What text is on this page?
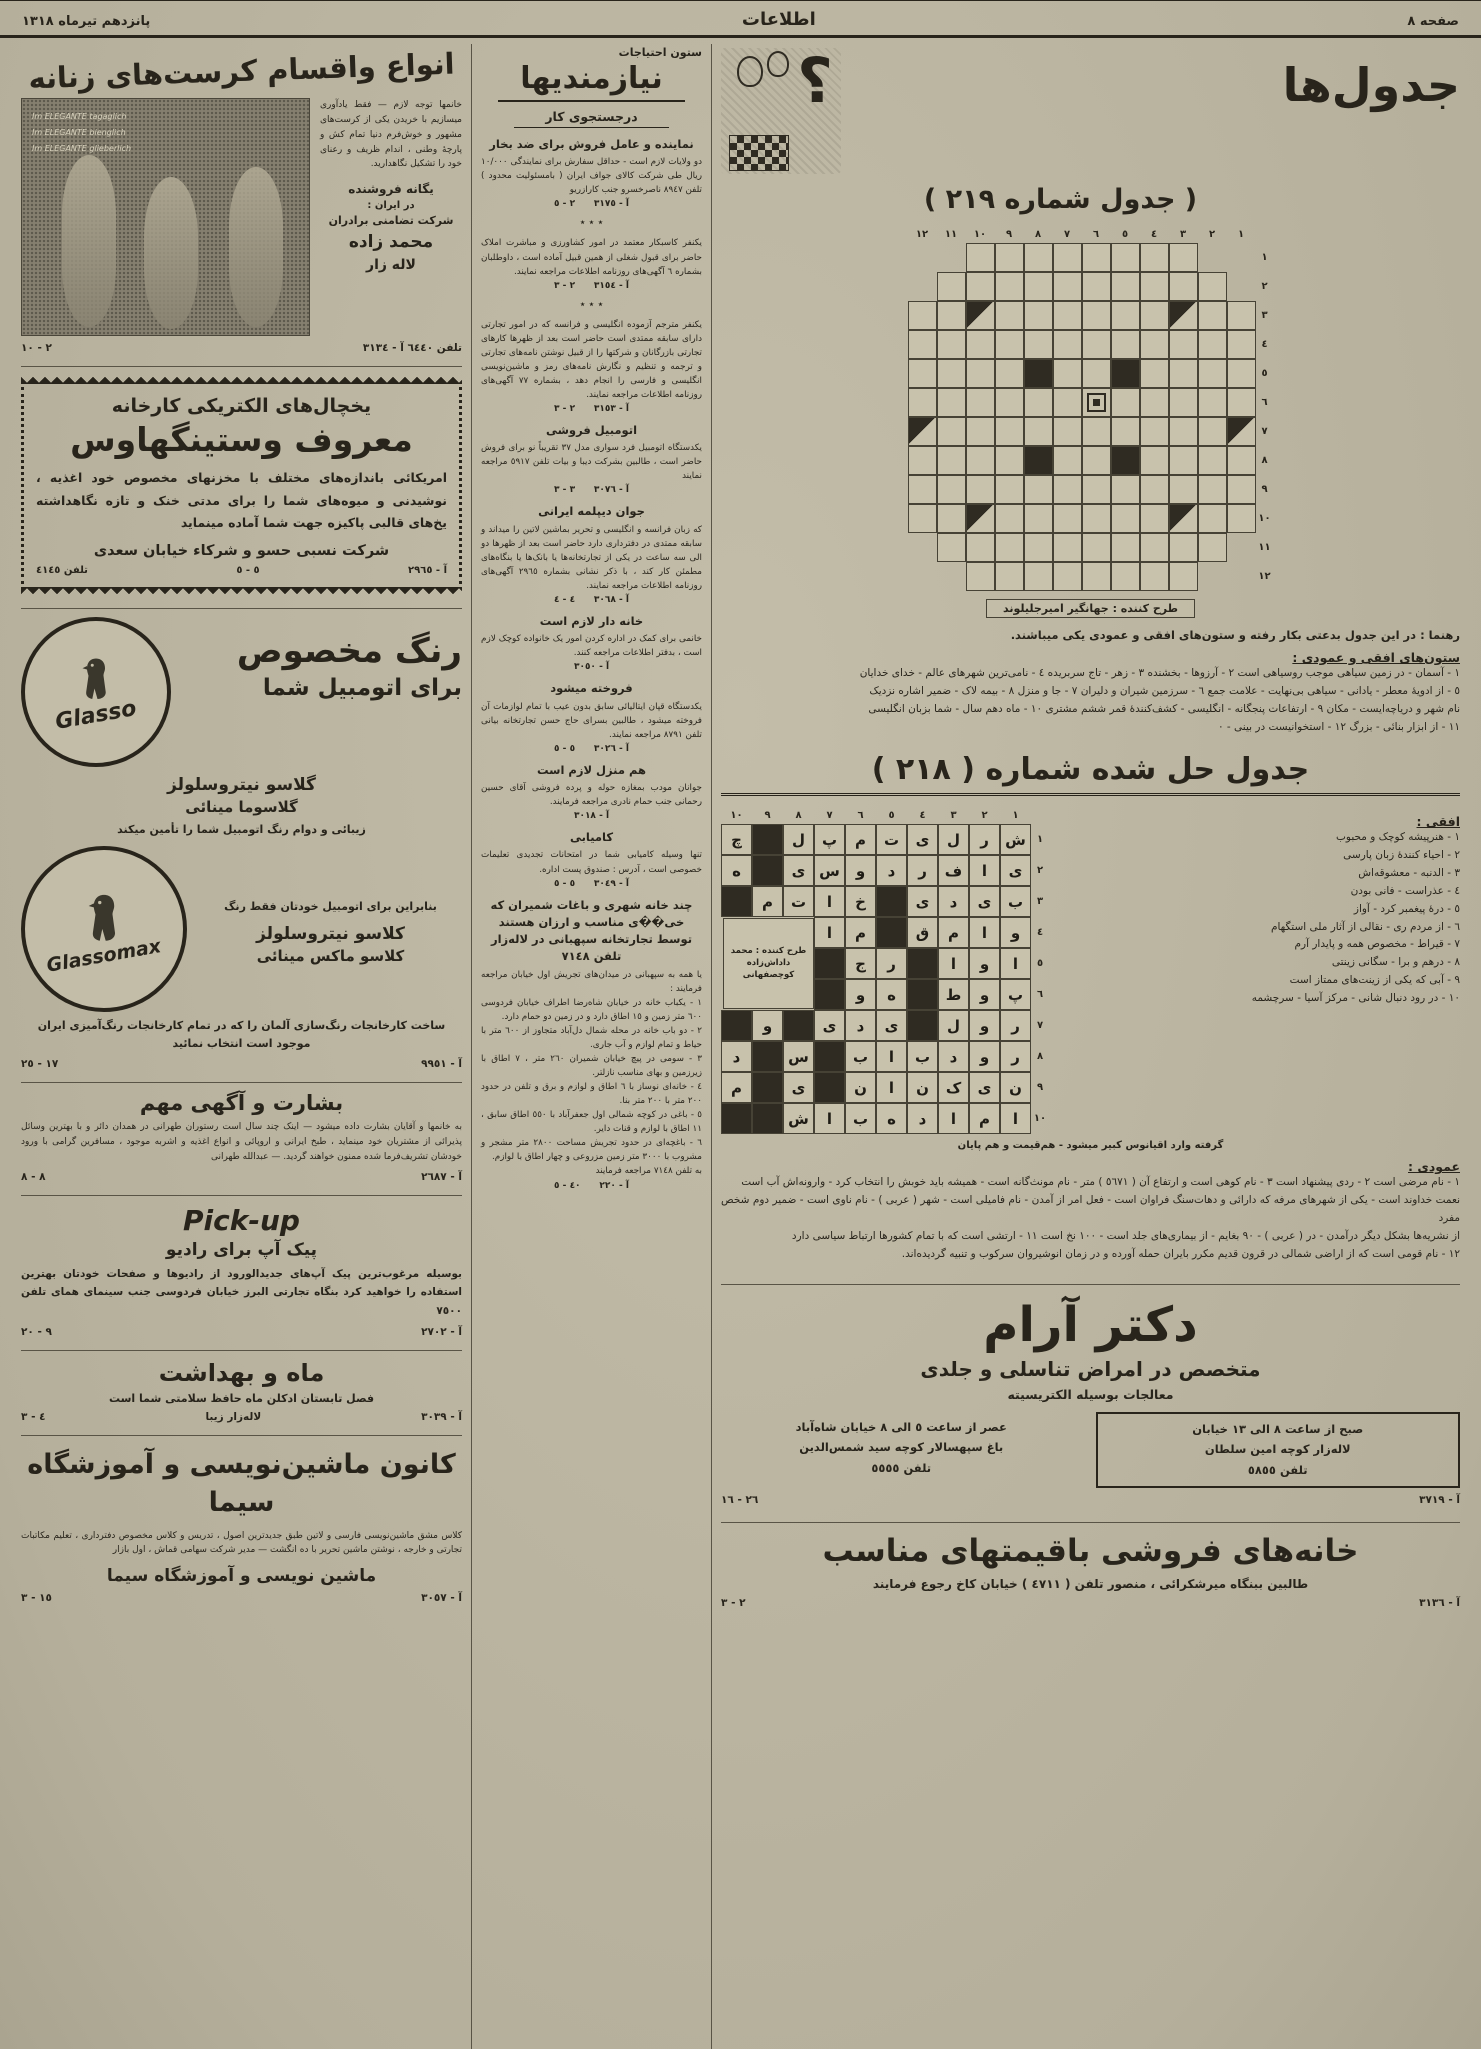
صفحه ۸
اطلاعات
پانزدهم تیرماه ۱۳۱۸
جدول‌ها
؟
( جدول شماره ۲۱۹ )
۱
۲
۳
٤
٥
٦
۷
۸
۹
۱۰
۱۱
۱۲
۱
۲
۳
٤
٥
٦
۷
۸
۹
۱۰
۱۱
۱۲
طرح کننده : جهانگیر امیرجلیلوند
رهنما : در این جدول بدعتی بکار رفته و ستون‌های افقی و عمودی یکی میباشند.
ستون‌های افقی و عمودی :
۱ - آسمان - در زمین سیاهی موجب روسیاهی است ۲ - آرزوها - بخشنده ۳ - زهر - تاج سربریده ٤ - نامی‌ترین شهرهای عالم - خدای خدایان
٥ - از ادویهٔ معطر - یادانی - سیاهی بی‌نهایت - علامت جمع ٦ - سرزمین شیران و دلیران ۷ - جا و منزل ۸ - بیمه لاک - ضمیر اشاره نزدیک
نام شهر و دریاچه‌ایست - مکان ۹ - ارتفاعات پنجگانه - انگلیسی - کشف‌کنندهٔ قمر ششم مشتری ۱۰ - ماه دهم سال - شما بزبان انگلیسی
۱۱ - از ابزار بنائی - بزرگ ۱۲ - استخوانیست در بینی - ۰
جدول حل شده شماره ( ۲۱۸ )
افقی :
۱ - هنرپیشه کوچک و محبوب
۲ - احیاء کنندهٔ زبان پارسی
۳ - الدنبه - معشوقه‌اش
٤ - عذراست - فانی بودن
٥ - درهٔ پیغمبر کرد - آواز
٦ - از مردم ری - نقالی از آثار ملی استگهام
۷ - قیراط - مخصوص همه و پایدار آرم
۸ - درهم و برا - سگانی زینتی
۹ - آبی که یکی از زینت‌های ممتاز است
۱۰ - در رود دنبال شانی - مرکز آسیا - سرچشمه
۱
۲
۳
٤
٥
٦
۷
۸
۹
۱۰
۱
ش
ر
ل
ی
ت
م
پ
ل
چ
۲
ی
ا
ف
ر
د
و
س
ی
ه
۳
ب
ی
د
ی
خ
ا
ت
م
٤
و
ا
م
ق
م
ا
٥
ا
و
ا
ر
ج
٦
پ
و
ط
ه
و
۷
ر
و
ل
ی
د
ی
و
۸
ر
و
د
ب
ا
ب
س
د
۹
ن
ی
ک
ن
ا
ن
ی
م
۱۰
ا
م
ا
د
ه
ب
ا
ش
طرح کننده : محمد داداش‌زاده کوچصفهانی
گرفته وارد اقیانوس کبیر میشود - هم‌قیمت و هم پایان
عمودی :
۱ - نام مرضی است ۲ - ردی پیشنهاد است ۳ - نام کوهی است و ارتفاع آن ( ٥٦۷۱ ) متر - نام مونث‌گانه است - همیشه باید خوبش را انتخاب کرد - وارونه‌اش آب است
نعمت خداوند است - یکی از شهرهای مرفه که دارائی و دهات‌سنگ فراوان است - فعل امر از آمدن - نام فامیلی است - شهر ( عربی ) - نام ناوی است - ضمیر دوم شخص مفرد
از نشریه‌ها بشکل دیگر درآمدن - در ( عربی ) - ۹۰ بغایم - از بیماری‌های جلد است - ۱۰۰ نخ است ۱۱ - ارتشی است که با تمام کشورها ارتباط سیاسی دارد
۱۲ - نام قومی است که از اراضی شمالی در قرون قدیم مکرر بایران حمله آورده و در زمان انوشیروان سرکوب و تنبیه گردیده‌اند.
دکتر آرام
متخصص در امراض تناسلی و جلدی
معالجات بوسیله الکتریسیته
صبح از ساعت ۸ الی ۱۳ خیابان
لاله‌زار کوچه امین سلطان
تلفن ٥۸٥٥
عصر از ساعت ٥ الی ۸ خیابان شاه‌آباد
باغ سپهسالار کوچه سید شمس‌الدین
تلفن ٥٥٥٥
آ - ۳۷۱۹
۲٦ - ۱٦
خانه‌های فروشی باقیمتهای مناسب
طالبین ببنگاه میرشکرائی ، منصور تلفن ( ٤۷۱۱ ) خیابان کاخ رجوع فرمایند
آ - ۳۱۳٦
۲ - ۳
ستون احتیاجات
نیازمندیها
درجستجوی کار
نماینده و عامل فروش برای ضد بخار
دو ولایات لازم است - حداقل سفارش برای نمایندگی ۱۰/۰۰۰ ریال طی شرکت کالای جواف ایران ( بامسئولیت محدود ) تلفن ۸۹٤۷ ناصرخسرو جنب کارازریو
آ - ۳۱۷٥      ۲ - ٥
٭ ٭ ٭
یکنفر کاسبکار معتمد در امور کشاورزی و مباشرت املاک حاضر برای قبول شغلی از همین قبیل آماده است ، داوطلبان بشماره ٦ آگهی‌های روزنامه اطلاعات مراجعه نمایند.
آ - ۳۱٥٤      ۲ - ۳
٭ ٭ ٭
یکنفر مترجم آزموده انگلیسی و فرانسه که در امور تجارتی دارای سابقه ممتدی است حاضر است بعد از ظهرها کارهای تجارتی بازرگانان و شرکتها را از قبیل نوشتن نامه‌های تجارتی و ترجمه و تنظیم و نگارش نامه‌های رمز و ماشین‌نویسی انگلیسی و فارسی را انجام دهد ، بشماره ۷۷ آگهی‌های روزنامه اطلاعات مراجعه نمایند.
آ - ۳۱٥۳      ۲ - ۳
اتومبیل فروشی
یکدستگاه اتومبیل فرد سواری مدل ۳۷ تقریباً نو برای فروش حاضر است ، طالبین بشرکت دیبا و بیات تلفن ٥۹۱۷ مراجعه نمایند
آ - ۳۰۷٦      ۳ - ۳
جوان دیپلمه ایرانی
که زبان فرانسه و انگلیسی و تحریر بماشین لاتین را میداند و سابقه ممتدی در دفترداری دارد حاضر است بعد از ظهرها دو الی سه ساعت در یکی از تجارتخانه‌ها یا بانک‌ها یا بنگاه‌های مطمئن کار کند ، با ذکر نشانی بشماره ۲۹٦٥ آگهی‌های روزنامه اطلاعات مراجعه نمایند.
آ - ۳۰٦۸      ٤ - ٤
خانه دار لازم است
خانمی برای کمک در اداره کردن امور یک خانواده کوچک لازم است ، بدفتر اطلاعات مراجعه کنند.
آ - ۳۰٥۰
فروخته میشود
یکدستگاه قپان ایتالیائی سابق بدون عیب با تمام لوازمات آن فروخته میشود ، طالبین بسرای حاج حسن تجارتخانه بیانی تلفن ۸۷۹۱ مراجعه نمایند.
آ - ۳۰۲٦      ٥ - ٥
هم منزل لازم است
جوانان مودب بمغازه حوله و پرده فروشی آقای حسین رحمانی جنب حمام نادری مراجعه فرمایند.
آ - ۳۰۱۸
کامیابی
تنها وسیله کامیابی شما در امتحانات تجدیدی تعلیمات خصوصی است ، آدرس : صندوق پست اداره.
آ - ۳۰٤۹      ٥ - ٥
چند خانه شهری و باغات شمیران که خی��ی مناسب و ارزان هستند توسط تجارتخانه سپهبانی در لاله‌زار تلفن ۷۱٤۸
یا همه به سپهبانی در میدان‌های تجریش اول خیابان مراجعه فرمایند :
۱ - یکباب خانه در خیابان شاه‌رضا اطراف خیابان فردوسی ٦۰۰ متر زمین و ۱٥ اطاق دارد و در زمین دو حمام دارد.
۲ - دو باب خانه در محله شمال دل‌آباد متجاوز از ٦۰۰ متر با حیاط و تمام لوازم و آب جاری.
۳ - سومی در پیچ خیابان شمیران ۲٦۰ متر ، ۷ اطاق با زیرزمین و بهای مناسب نازلتر.
٤ - خانه‌ای نوساز با ٦ اطاق و لوازم و برق و تلفن در حدود ۲۰۰ متر با ۲۰۰ متر بنا.
٥ - باغی در کوچه شمالی اول جعفرآباد با ٥٥۰ اطاق سابق ، ۱۱ اطاق با لوازم و قنات دایر.
٦ - باغچه‌ای در حدود تجریش مساحت ۲۸۰۰ متر مشجر و مشروب با ۳۰۰۰ متر زمین مزروعی و چهار اطاق با لوازم.
به تلفن ۷۱٤۸ مراجعه فرمایند
آ - ۲۲۰      ٤۰ - ٥
انواع واقسام کرست‌های زنانه
خانمها توجه لازم — فقط یادآوری میسازیم با خریدن یکی از کرست‌های مشهور و خوش‌فرم دنیا تمام کش و پارچهٔ وطنی ، اندام ظریف و رعنای خود را تشکیل نگاهدارید.
یگانه فروشنده
در ایران :
شرکت تضامنی برادران
محمد زاده
لاله زار
Im ELEGANTE tagaglich
Im ELEGANTE bienglich
Im ELEGANTE glieberlich
تلفن ٦٤٤۰ آ - ۳۱۳٤
۲ - ۱۰
یخچال‌های الکتریکی کارخانه
معروف وستینگهاوس
امریکائی باندازه‌های مختلف با مخزنهای مخصوص خود اغذیه ، نوشیدنی و میوه‌های شما را برای مدتی خنک و تازه نگاهداشته یخ‌های قالبی پاکیزه جهت شما آماده مینماید
شرکت نسبی حسو و شرکاء خیابان سعدی
آ - ۲۹٦٥
٥ - ٥
تلفن ٤۱٤٥
رنگ مخصوص
برای اتومبیل شما
Glasso
گلاسو نیتروسلولز
گلاسوما مینائی
زیبائی و دوام رنگ اتومبیل شما را تأمین میکند
بنابراین برای اتومبیل خودتان فقط رنگ
کلاسو نیتروسلولز
کلاسو ماکس مینائی
Glassomax
ساخت کارخانجات رنگ‌سازی آلمان را که در تمام کارخانجات رنگ‌آمیزی ایران موجود است انتخاب نمائید
آ - ۹۹٥۱
۱۷ - ۲٥
بشارت و آگهی مهم
به خانمها و آقایان بشارت داده میشود — اینک چند سال است رستوران طهرانی در همدان دائر و با بهترین وسائل پذیرائی از مشتریان خود مینماید ، طبخ ایرانی و اروپائی و انواع اغذیه و اشربه موجود ، مسافرین گرامی با ورود خودشان تشریف‌فرما شده ممنون خواهند گردید. — عبدالله طهرانی
آ - ۲٦۸۷
۸ - ۸
Pick-up
پیک آپ برای رادیو
بوسیله مرغوب‌ترین پیک آپ‌های جدیدالورود از رادیوها و صفحات خودتان بهترین استفاده را خواهید کرد بنگاه تجارتی البرز خیابان فردوسی جنب سینمای همای تلفن ۷٥۰۰
آ - ۲۷۰۲
۹ - ۲۰
ماه و بهداشت
فصل تابستان ادکلن ماه حافظ سلامتی شما است
آ - ۳۰۳۹
لاله‌زار زیبا
٤ - ۳
کانون ماشین‌نویسی و آموزشگاه سیما
کلاس مشق ماشین‌نویسی فارسی و لاتین طبق جدیدترین اصول ، تدریس و کلاس مخصوص دفترداری ، تعلیم مکاتبات تجارتی و خارجه ، نوشتن ماشین تحریر با ده انگشت — مدیر شرکت سهامی قماش ، اول بازار
ماشین نویسی و آموزشگاه سیما
آ - ۳۰٥۷
۱٥ - ۳
